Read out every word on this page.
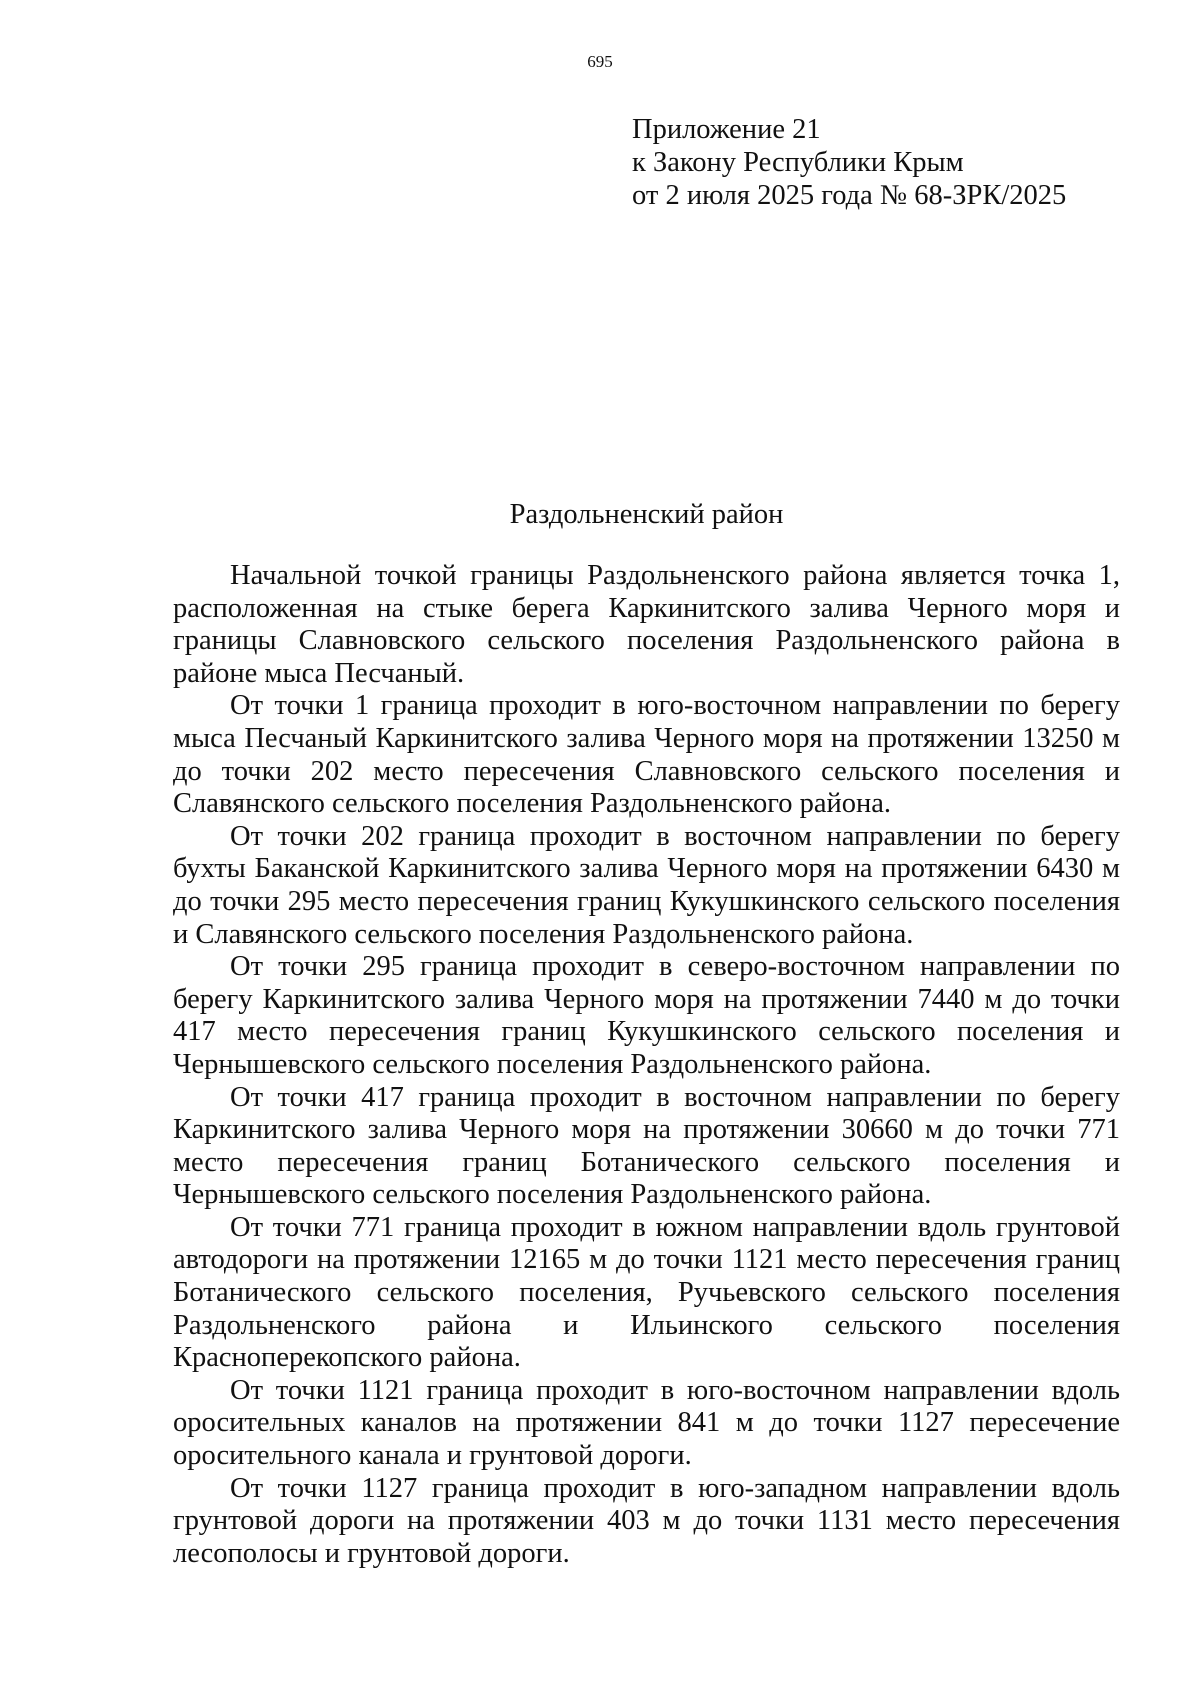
695
Приложение 21
к Закону Республики Крым
от 2 июля 2025 года № 68-ЗРК/2025
Раздольненский район

Начальной точкой границы Раздольненского района является точка 1, расположенная на стыке берега Каркинитского залива Черного моря и границы Славновского сельского поселения Раздольненского района в районе мыса Песчаный.

От точки 1 граница проходит в юго-восточном направлении по берегу мыса Песчаный Каркинитского залива Черного моря на протяжении 13250 м до точки 202 место пересечения Славновского сельского поселения и Славянского сельского поселения Раздольненского района.

От точки 202 граница проходит в восточном направлении по берегу бухты Баканской Каркинитского залива Черного моря на протяжении 6430 м до точки 295 место пересечения границ Кукушкинского сельского поселения и Славянского сельского поселения Раздольненского района.

От точки 295 граница проходит в северо-восточном направлении по берегу Каркинитского залива Черного моря на протяжении 7440 м до точки 417 место пересечения границ Кукушкинского сельского поселения и Чернышевского сельского поселения Раздольненского района.

От точки 417 граница проходит в восточном направлении по берегу Каркинитского залива Черного моря на протяжении 30660 м до точки 771 место пересечения границ Ботанического сельского поселения и Чернышевского сельского поселения Раздольненского района.

От точки 771 граница проходит в южном направлении вдоль грунтовой автодороги на протяжении 12165 м до точки 1121 место пересечения границ Ботанического сельского поселения, Ручьевского сельского поселения Раздольненского района и Ильинского сельского поселения Красноперекопского района.

От точки 1121 граница проходит в юго-восточном направлении вдоль оросительных каналов на протяжении 841 м до точки 1127 пересечение оросительного канала и грунтовой дороги.

От точки 1127 граница проходит в юго-западном направлении вдоль грунтовой дороги на протяжении 403 м до точки 1131 место пересечения лесополосы и грунтовой дороги.
